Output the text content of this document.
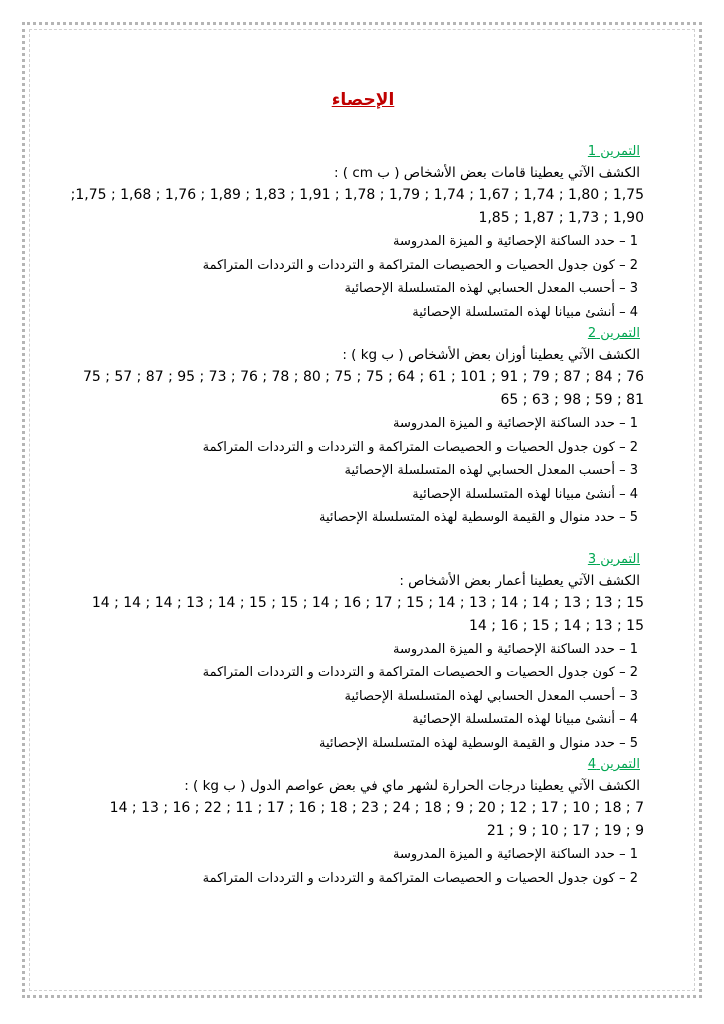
الإحصاء
التمرين 1
الكشف الآتي يعطينا قامات بعض الأشخاص ( ب cm ) :
;1,75 ; 1,68 ; 1,76 ; 1,89 ; 1,83 ; 1,91 ; 1,78 ; 1,79 ; 1,74 ; 1,67 ; 1,74 ; 1,80 ; 1,75
1,85 ; 1,87 ; 1,73 ; 1,90
1 – حدد الساكنة الإحصائية و الميزة المدروسة
2 – كون جدول الحصيات و الحصيصات المتراكمة و الترددات و الترددات المتراكمة
3 – أحسب المعدل الحسابي لهذه المتسلسلة الإحصائية
4 – أنشئ مبيانا لهذه المتسلسلة الإحصائية
التمرين 2
الكشف الآتي يعطينا أوزان بعض الأشخاص ( ب kg ) :
75 ; 57 ; 87 ; 95 ; 73 ; 76 ; 78 ; 80 ; 75 ; 75 ; 64 ; 61 ; 101 ; 91 ; 79 ; 87 ; 84 ; 76
65 ; 63 ; 98 ; 59 ; 81
1 – حدد الساكنة الإحصائية و الميزة المدروسة
2 – كون جدول الحصيات و الحصيصات المتراكمة و الترددات و الترددات المتراكمة
3 – أحسب المعدل الحسابي لهذه المتسلسلة الإحصائية
4 – أنشئ مبيانا لهذه المتسلسلة الإحصائية
5 – حدد منوال و القيمة الوسطية لهذه المتسلسلة الإحصائية
التمرين 3
الكشف الآتي يعطينا أعمار بعض الأشخاص :
14 ; 14 ; 14 ; 13 ; 14 ; 15 ; 15 ; 14 ; 16 ; 17 ; 15 ; 14 ; 13 ; 14 ; 14 ; 13 ; 13 ; 15
14 ; 16 ; 15 ; 14 ; 13 ; 15
1 – حدد الساكنة الإحصائية و الميزة المدروسة
2 – كون جدول الحصيات و الحصيصات المتراكمة و الترددات و الترددات المتراكمة
3 – أحسب المعدل الحسابي لهذه المتسلسلة الإحصائية
4 – أنشئ مبيانا لهذه المتسلسلة الإحصائية
5 – حدد منوال و القيمة الوسطية لهذه المتسلسلة الإحصائية
التمرين 4
الكشف الآتي يعطينا درجات الحرارة لشهر ماي في بعض عواصم الدول ( ب kg ) :
14 ; 13 ; 16 ; 22 ; 11 ; 17 ; 16 ; 18 ; 23 ; 24 ; 18 ; 9 ; 20 ; 12 ; 17 ; 10 ; 18 ; 7
21 ; 9 ; 10 ; 17 ; 19 ; 9
1 – حدد الساكنة الإحصائية و الميزة المدروسة
2 – كون جدول الحصيات و الحصيصات المتراكمة و الترددات و الترددات المتراكمة
